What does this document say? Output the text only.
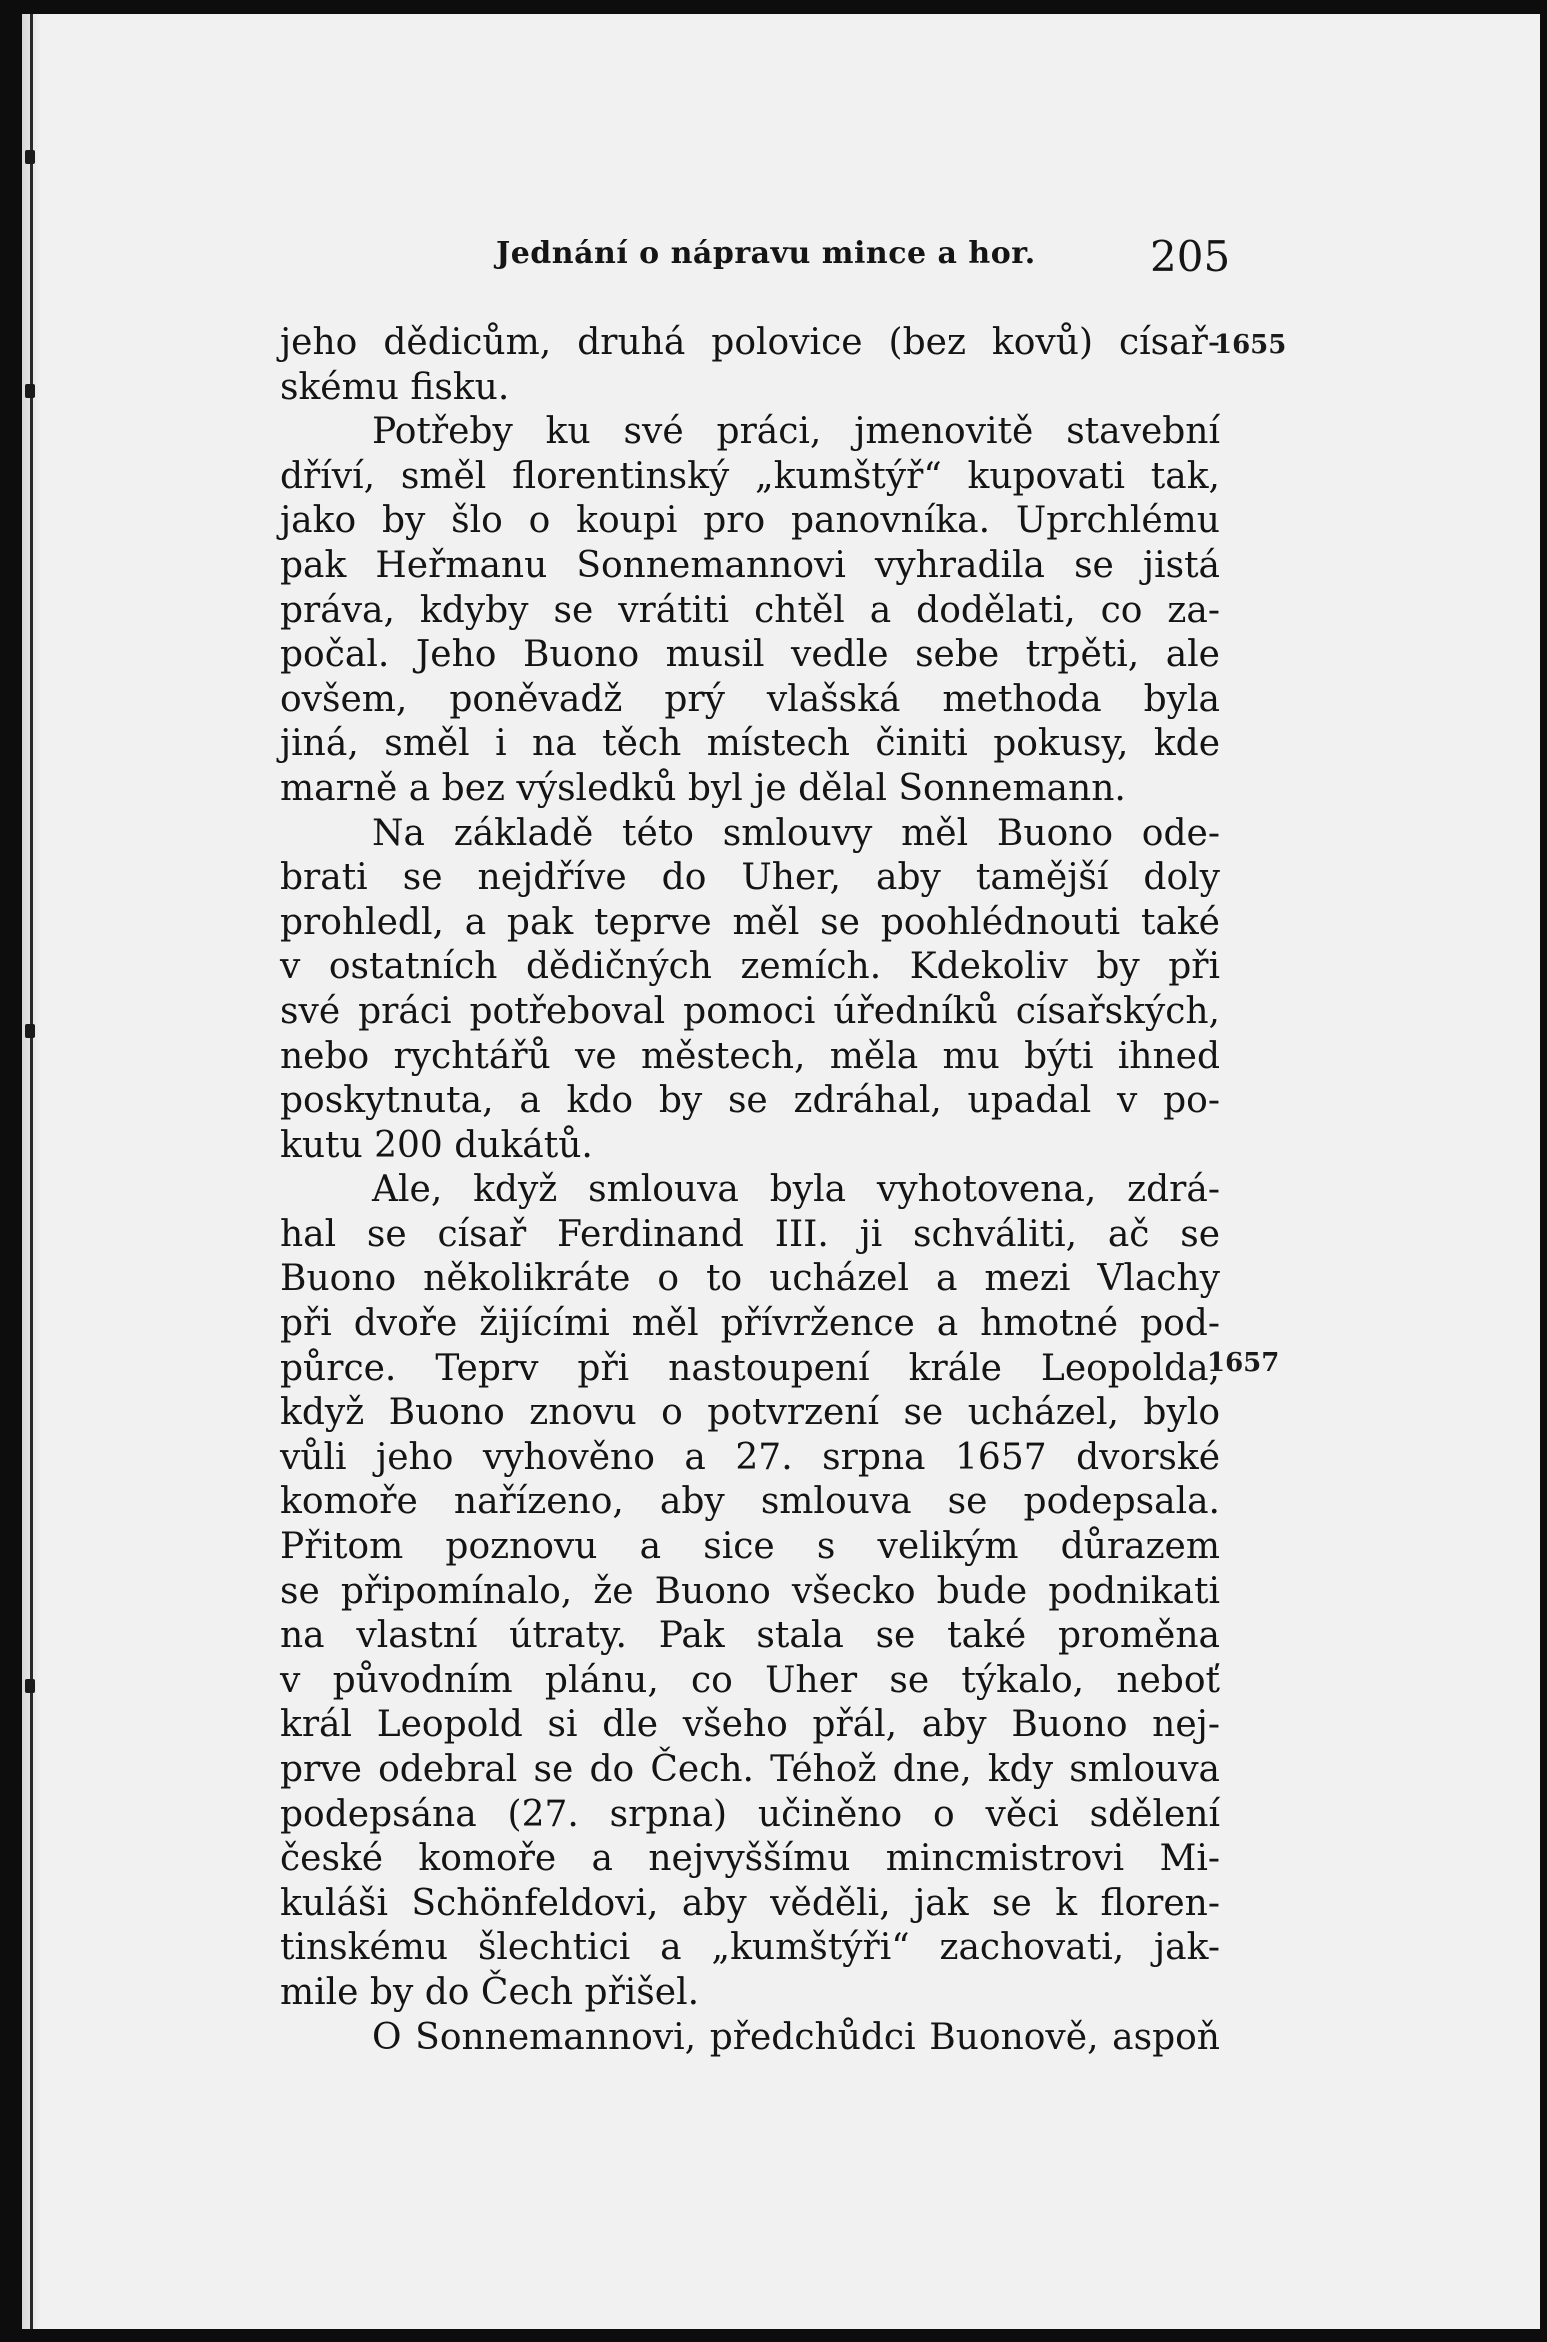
Jednání o nápravu mince a hor.	205
1655
1657
jeho dědicům, druhá polovice (bez kovů) císař-
skému fisku.
Potřeby ku své práci, jmenovitě stavební
dříví, směl florentinský „kumštýř“ kupovati tak,
jako by šlo o koupi pro panovníka. Uprchlému
pak Heřmanu Sonnemannovi vyhradila se jistá
práva, kdyby se vrátiti chtěl a dodělati, co za-
počal. Jeho Buono musil vedle sebe trpěti, ale
ovšem, poněvadž prý vlašská methoda byla
jiná, směl i na těch místech činiti pokusy, kde
marně a bez výsledků byl je dělal Sonnemann.
Na základě této smlouvy měl Buono ode-
brati se nejdříve do Uher, aby tamější doly
prohledl, a pak teprve měl se poohlédnouti také
v ostatních dědičných zemích. Kdekoliv by při
své práci potřeboval pomoci úředníků císařských,
nebo rychtářů ve městech, měla mu býti ihned
poskytnuta, a kdo by se zdráhal, upadal v po-
kutu 200 dukátů.
Ale, když smlouva byla vyhotovena, zdrá-
hal se císař Ferdinand III. ji schváliti, ač se
Buono několikráte o to ucházel a mezi Vlachy
při dvoře žijícími měl přívržence a hmotné pod-
půrce. Teprv při nastoupení krále Leopolda,
když Buono znovu o potvrzení se ucházel, bylo
vůli jeho vyhověno a 27. srpna 1657 dvorské
komoře nařízeno, aby smlouva se podepsala.
Přitom poznovu a sice s velikým důrazem
se připomínalo, že Buono všecko bude podnikati
na vlastní útraty. Pak stala se také proměna
v původním plánu, co Uher se týkalo, neboť
král Leopold si dle všeho přál, aby Buono nej-
prve odebral se do Čech. Téhož dne, kdy smlouva
podepsána (27. srpna) učiněno o věci sdělení
české komoře a nejvyššímu mincmistrovi Mi-
kuláši Schönfeldovi, aby věděli, jak se k floren-
tinskému šlechtici a „kumštýři“ zachovati, jak-
mile by do Čech přišel.
O Sonnemannovi, předchůdci Buonově, aspoň
